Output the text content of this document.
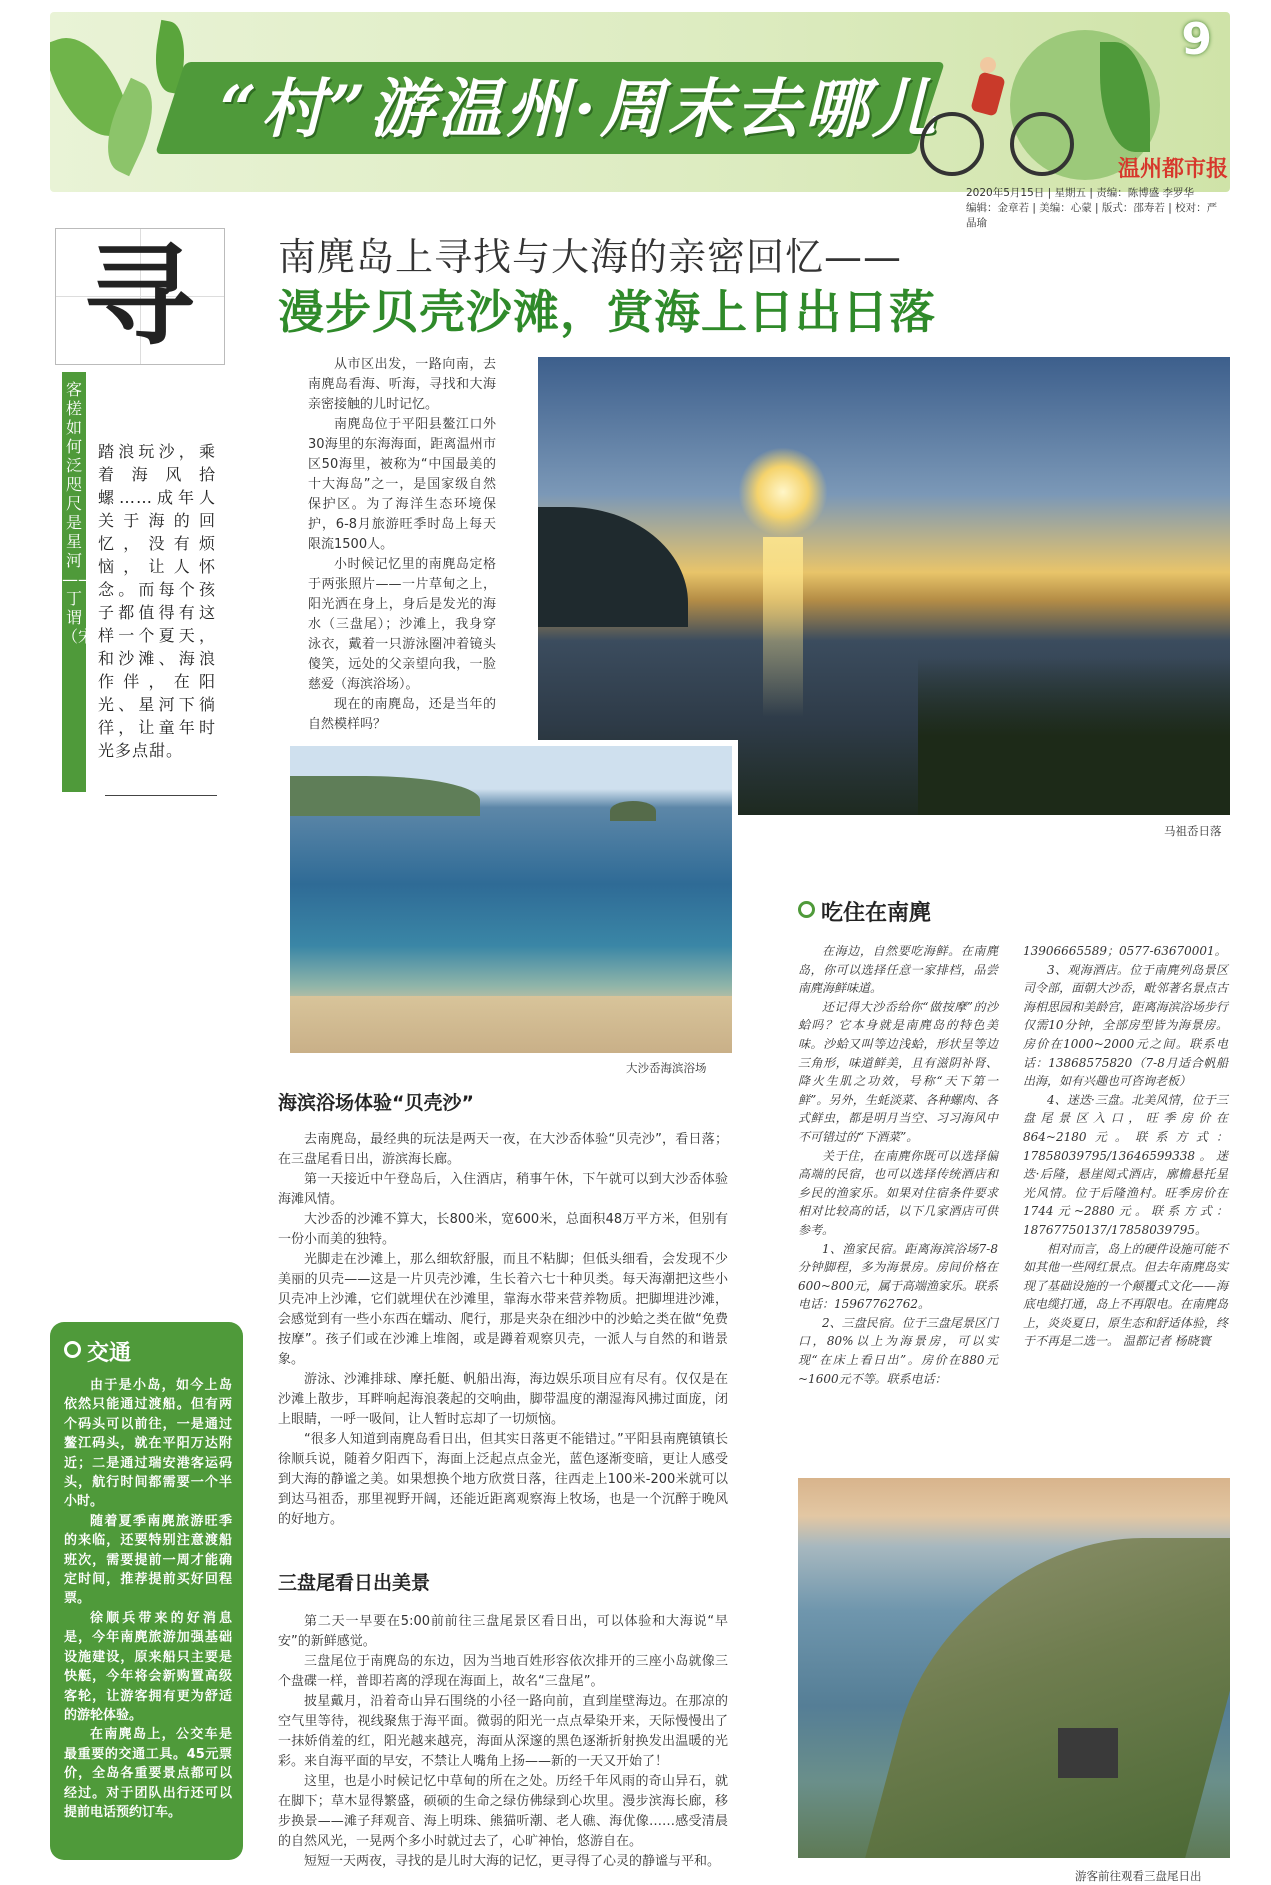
“村”游温州·周末去哪儿
9
温州都市报
2020年5月15日 | 星期五 | 责编：陈博盛 李罗华
编辑：金章若 | 美编：心蒙 | 版式：邵寿若 | 校对：严晶瑜
寻
客槎如何泛咫尺是星河——丁谓（宋）
踏浪玩沙，乘着海风拾螺……成年人关于海的回忆，没有烦恼，让人怀念。而每个孩子都值得有这样一个夏天，和沙滩、海浪作伴，在阳光、星河下徜徉，让童年时光多点甜。
南麂岛上寻找与大海的亲密回忆——
漫步贝壳沙滩，赏海上日出日落

从市区出发，一路向南，去南麂岛看海、听海，寻找和大海亲密接触的儿时记忆。

南麂岛位于平阳县鳌江口外30海里的东海海面，距离温州市区50海里，被称为“中国最美的十大海岛”之一，是国家级自然保护区。为了海洋生态环境保护，6-8月旅游旺季时岛上每天限流1500人。

小时候记忆里的南麂岛定格于两张照片——一片草甸之上，阳光洒在身上，身后是发光的海水（三盘尾）；沙滩上，我身穿泳衣，戴着一只游泳圈冲着镜头傻笑，远处的父亲望向我，一脸慈爱（海滨浴场）。

现在的南麂岛，还是当年的自然模样吗？

马祖岙日落
大沙岙海滨浴场
游客前往观看三盘尾日出
海滨浴场体验“贝壳沙”

去南麂岛，最经典的玩法是两天一夜，在大沙岙体验“贝壳沙”，看日落；在三盘尾看日出，游滨海长廊。

第一天接近中午登岛后，入住酒店，稍事午休，下午就可以到大沙岙体验海滩风情。

大沙岙的沙滩不算大，长800米，宽600米，总面积48万平方米，但别有一份小而美的独特。

光脚走在沙滩上，那么细软舒服，而且不粘脚；但低头细看，会发现不少美丽的贝壳——这是一片贝壳沙滩，生长着六七十种贝类。每天海潮把这些小贝壳冲上沙滩，它们就埋伏在沙滩里，靠海水带来营养物质。把脚埋进沙滩，会感觉到有一些小东西在蠕动、爬行，那是夹杂在细沙中的沙蛤之类在做“免费按摩”。孩子们或在沙滩上堆阁，或是蹲着观察贝壳，一派人与自然的和谐景象。

游泳、沙滩排球、摩托艇、帆船出海，海边娱乐项目应有尽有。仅仅是在沙滩上散步，耳畔响起海浪袭起的交响曲，脚带温度的潮湿海风拂过面庞，闭上眼睛，一呼一吸间，让人暂时忘却了一切烦恼。

“很多人知道到南麂岛看日出，但其实日落更不能错过。”平阳县南麂镇镇长徐顺兵说，随着夕阳西下，海面上泛起点点金光，蓝色逐渐变暗，更让人感受到大海的静谧之美。如果想换个地方欣赏日落，往西走上100米-200米就可以到达马祖岙，那里视野开阔，还能近距离观察海上牧场，也是一个沉醉于晚风的好地方。

三盘尾看日出美景

第二天一早要在5:00前前往三盘尾景区看日出，可以体验和大海说“早安”的新鲜感觉。

三盘尾位于南麂岛的东边，因为当地百姓形容依次排开的三座小岛就像三个盘碟一样，普即若离的浮现在海面上，故名“三盘尾”。

披星戴月，沿着奇山异石围绕的小径一路向前，直到崖壁海边。在那凉的空气里等待，视线聚焦于海平面。微弱的阳光一点点晕染开来，天际慢慢出了一抹娇俏羞的红，阳光越来越亮，海面从深邃的黑色逐渐折射换发出温暖的光彩。来自海平面的早安，不禁让人嘴角上扬——新的一天又开始了！

这里，也是小时候记忆中草甸的所在之处。历经千年风雨的奇山异石，就在脚下；草木显得繁盛，硕硕的生命之绿仿佛绿到心坎里。漫步滨海长廊，移步换景——滩子拜观音、海上明珠、熊猫听潮、老人礁、海优像……感受清晨的自然风光，一晃两个多小时就过去了，心旷神怡，悠游自在。

短短一天两夜，寻找的是儿时大海的记忆，更寻得了心灵的静谧与平和。

吃住在南麂

在海边，自然要吃海鲜。在南麂岛，你可以选择任意一家排档，品尝南麂海鲜味道。

还记得大沙岙给你“做按摩”的沙蛤吗？它本身就是南麂岛的特色美味。沙蛤又叫等边浅蛤，形状呈等边三角形，味道鲜美，且有滋阴补肾、降火生肌之功效，号称“天下第一鲜”。另外，生蚝淡菜、各种螺肉、各式鲜虫，都是明月当空、习习海风中不可错过的“下酒菜”。

关于住，在南麂你既可以选择偏高端的民宿，也可以选择传统酒店和乡民的渔家乐。如果对住宿条件要求相对比较高的话，以下几家酒店可供参考。

1、渔家民宿。距离海滨浴场7-8分钟脚程，多为海景房。房间价格在600~800元，属于高端渔家乐。联系电话：15967762762。

2、三盘民宿。位于三盘尾景区门口，80%以上为海景房，可以实现“在床上看日出”。房价在880元~1600元不等。联系电话：

13906665589；0577-63670001。

3、观海酒店。位于南麂列岛景区司令部，面朝大沙岙，毗邻著名景点古海相思园和美龄宫，距离海滨浴场步行仅需10分钟，全部房型皆为海景房。房价在1000~2000元之间。联系电话：13868575820（7-8月适合帆船出海，如有兴趣也可咨询老板）

4、迷迭·三盘。北美风情，位于三盘尾景区入口，旺季房价在864~2180元。联系方式：17858039795/13646599338。迷迭·后隆，悬崖阅式酒店，廓檐悬托星光风情。位于后隆渔村。旺季房价在1744元~2880元。联系方式：18767750137/17858039795。

相对而言，岛上的硬件设施可能不如其他一些网红景点。但去年南麂岛实现了基础设施的一个颠覆式文化——海底电缆打通，岛上不再限电。在南麂岛上，炎炎夏日，原生态和舒适体验，终于不再是二选一。 温都记者 杨晓寰

交通

由于是小岛，如今上岛依然只能通过渡船。但有两个码头可以前往，一是通过鳌江码头，就在平阳万达附近；二是通过瑞安港客运码头，航行时间都需要一个半小时。

随着夏季南麂旅游旺季的来临，还要特别注意渡船班次，需要提前一周才能确定时间，推荐提前买好回程票。

徐顺兵带来的好消息是，今年南麂旅游加强基础设施建设，原来船只主要是快艇，今年将会新购置高级客轮，让游客拥有更为舒适的游轮体验。

在南麂岛上，公交车是最重要的交通工具。45元票价，全岛各重要景点都可以经过。对于团队出行还可以提前电话预约订车。
